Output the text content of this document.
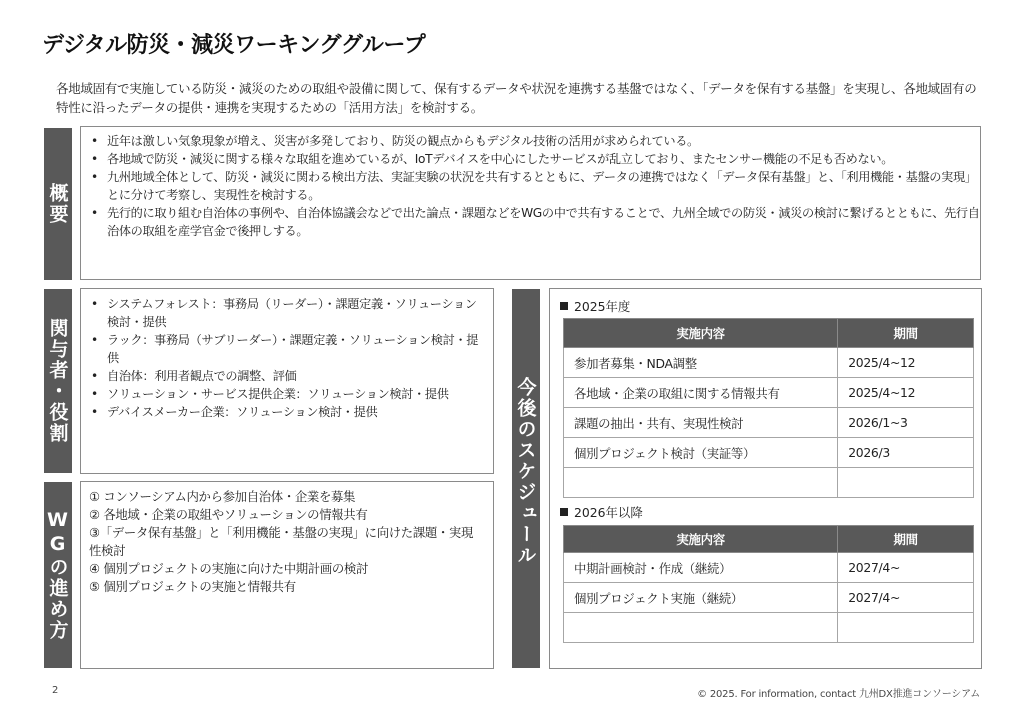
デジタル防災・減災ワーキンググループ
各地域固有で実施している防災・減災のための取組や設備に関して、保有するデータや状況を連携する基盤ではなく、「データを保有する基盤」を実現し、各地域固有の特性に沿ったデータの提供・連携を実現するための「活用方法」を検討する。
概要
• 近年は激しい気象現象が増え、災害が多発しており、防災の観点からもデジタル技術の活用が求められている。
• 各地域で防災・減災に関する様々な取組を進めているが、IoTデバイスを中心にしたサービスが乱立しており、またセンサー機能の不足も否めない。
• 九州地域全体として、防災・減災に関わる検出方法、実証実験の状況を共有するとともに、データの連携ではなく「データ保有基盤」と、「利用機能・基盤の実現」とに分けて考察し、実現性を検討する。
• 先行的に取り組む自治体の事例や、自治体協議会などで出た論点・課題などをWGの中で共有することで、九州全域での防災・減災の検討に繋げるとともに、先行自治体の取組を産学官金で後押しする。
関与者・役割
• システムフォレスト：事務局（リーダー）・課題定義・ソリューション検討・提供
• ラック：事務局（サブリーダー）・課題定義・ソリューション検討・提供
• 自治体：利用者観点での調整、評価
• ソリューション・サービス提供企業：ソリューション検討・提供
• デバイスメーカー企業：ソリューション検討・提供
WGの進め方
① コンソーシアム内から参加自治体・企業を募集
② 各地域・企業の取組やソリューションの情報共有
③「データ保有基盤」と「利用機能・基盤の実現」に向けた課題・実現性検討
④ 個別プロジェクトの実施に向けた中期計画の検討
⑤ 個別プロジェクトの実施と情報共有
今後のスケジュール
2025年度
実施内容	期間
参加者募集・NDA調整	2025/4~12
各地域・企業の取組に関する情報共有	2025/4~12
課題の抽出・共有、実現性検討	2026/1~3
個別プロジェクト検討（実証等）	2026/3

2026年以降
実施内容	期間
中期計画検討・作成（継続）	2027/4~
個別プロジェクト実施（継続）	2027/4~

2	© 2025. For information, contact 九州DX推進コンソーシアム
